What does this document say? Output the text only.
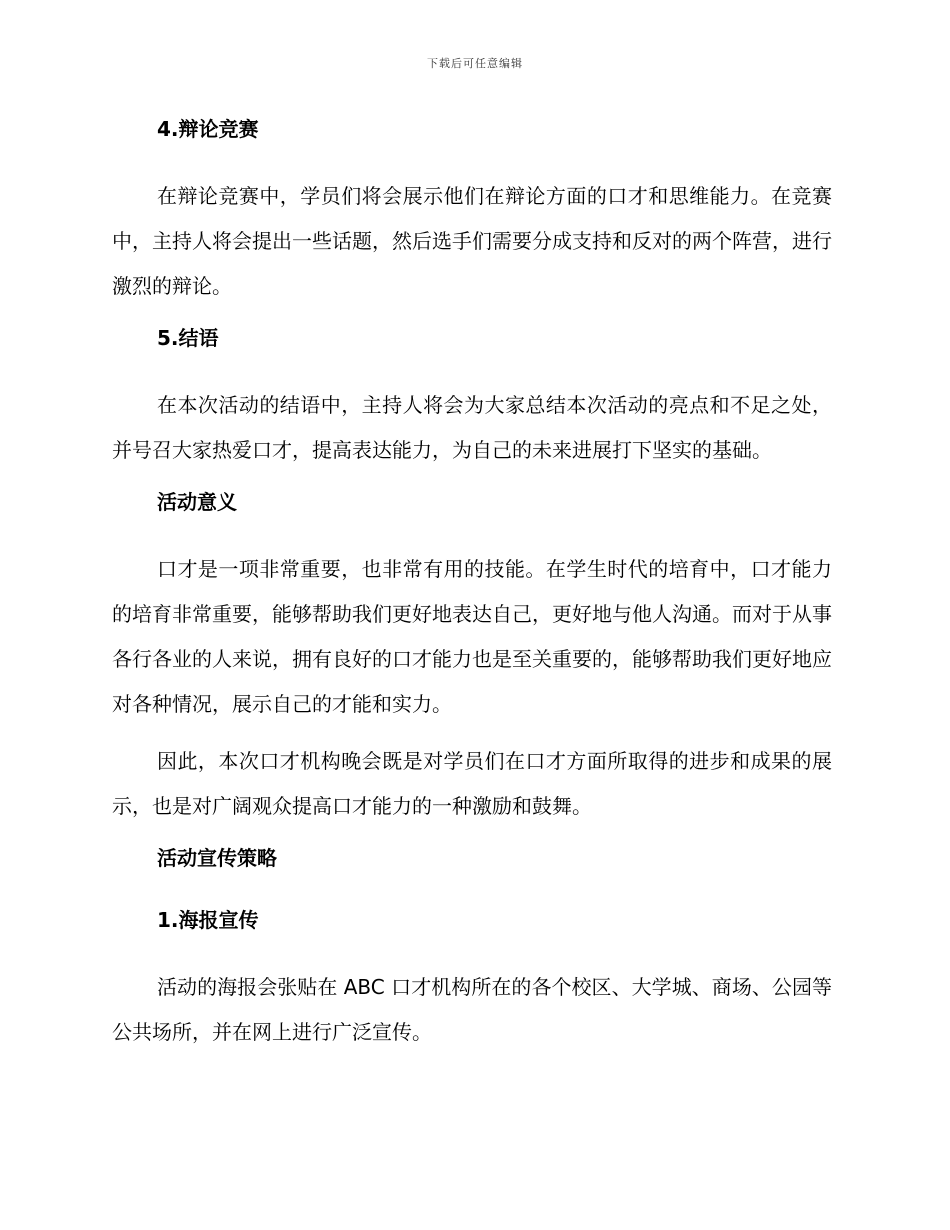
下载后可任意编辑
4.辩论竞赛

在辩论竞赛中，学员们将会展示他们在辩论方面的口才和思维能力。在竞赛中，主持人将会提出一些话题，然后选手们需要分成支持和反对的两个阵营，进行激烈的辩论。

5.结语

在本次活动的结语中，主持人将会为大家总结本次活动的亮点和不足之处，并号召大家热爱口才，提高表达能力，为自己的未来进展打下坚实的基础。

活动意义

口才是一项非常重要，也非常有用的技能。在学生时代的培育中，口才能力的培育非常重要，能够帮助我们更好地表达自己，更好地与他人沟通。而对于从事各行各业的人来说，拥有良好的口才能力也是至关重要的，能够帮助我们更好地应对各种情况，展示自己的才能和实力。

因此，本次口才机构晚会既是对学员们在口才方面所取得的进步和成果的展示，也是对广阔观众提高口才能力的一种激励和鼓舞。

活动宣传策略
1.海报宣传

活动的海报会张贴在 ABC 口才机构所在的各个校区、大学城、商场、公园等公共场所，并在网上进行广泛宣传。
